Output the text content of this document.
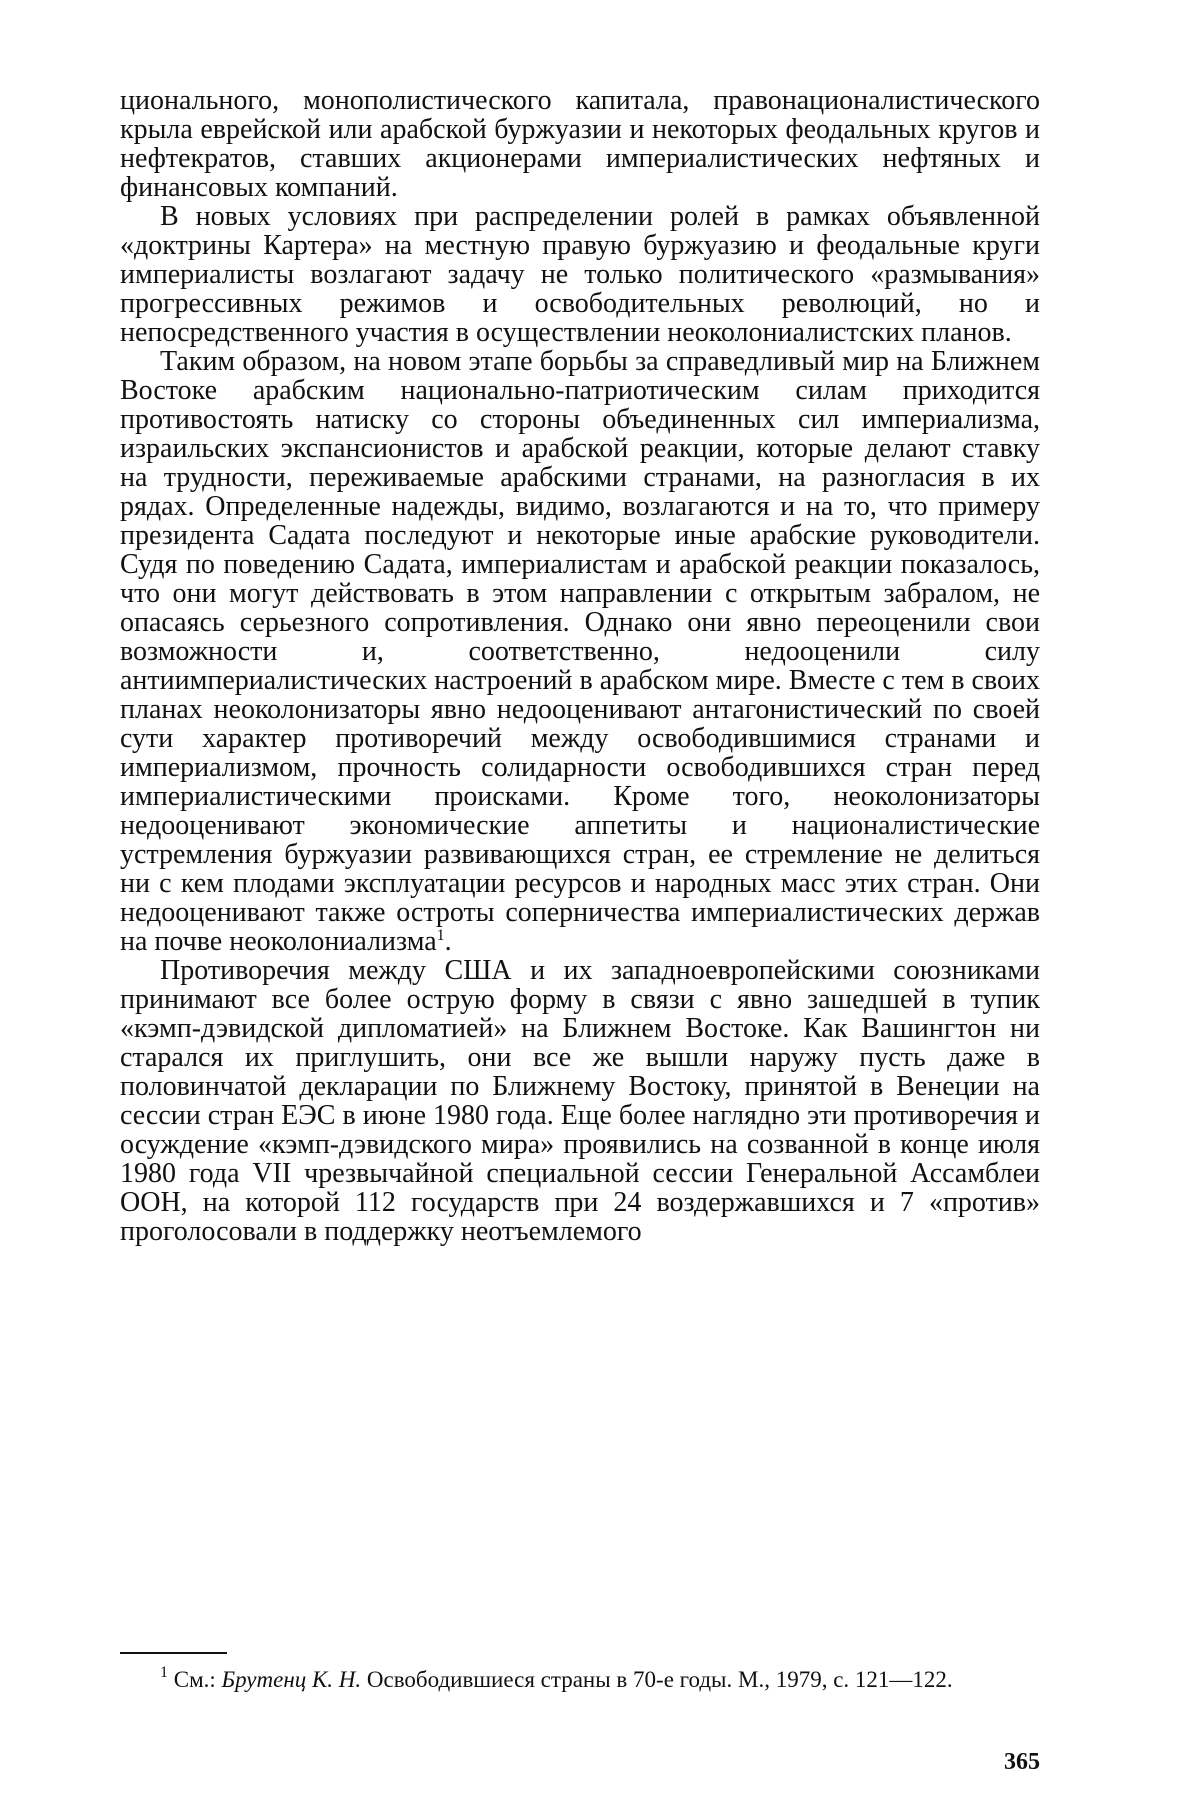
ционального, монополистического капитала, правонационалистического крыла еврейской или арабской буржуазии и некоторых феодальных кругов и нефтекратов, ставших акционерами империалистических нефтяных и финансовых компаний.

В новых условиях при распределении ролей в рамках объявленной «доктрины Картера» на местную правую буржуазию и феодальные круги империалисты возлагают задачу не только политического «размывания» прогрессивных режимов и освободительных революций, но и непосредственного участия в осуществлении неоколониалистских планов.

Таким образом, на новом этапе борьбы за справедливый мир на Ближнем Востоке арабским национально-патриотическим силам приходится противостоять натиску со стороны объединенных сил империализма, израильских экспансионистов и арабской реакции, которые делают ставку на трудности, переживаемые арабскими странами, на разногласия в их рядах. Определенные надежды, видимо, возлагаются и на то, что примеру президента Садата последуют и некоторые иные арабские руководители. Судя по поведению Садата, империалистам и арабской реакции показалось, что они могут действовать в этом направлении с открытым забралом, не опасаясь серьезного сопротивления. Однако они явно переоценили свои возможности и, соответственно, недооценили силу антиимпериалистических настроений в арабском мире. Вместе с тем в своих планах неоколонизаторы явно недооценивают антагонистический по своей сути характер противоречий между освободившимися странами и империализмом, прочность солидарности освободившихся стран перед империалистическими происками. Кроме того, неоколонизаторы недооценивают экономические аппетиты и националистические устремления буржуазии развивающихся стран, ее стремление не делиться ни с кем плодами эксплуатации ресурсов и народных масс этих стран. Они недооценивают также остроты соперничества империалистических держав на почве неоколониализма$^1$.

Противоречия между США и их западноевропейскими союзниками принимают все более острую форму в связи с явно зашедшей в тупик «кэмп-дэвидской дипломатией» на Ближнем Востоке. Как Вашингтон ни старался их приглушить, они все же вышли наружу пусть даже в половинчатой декларации по Ближнему Востоку, принятой в Венеции на сессии стран ЕЭС в июне 1980 года. Еще более наглядно эти противоречия и осуждение «кэмп-дэвидского мира» проявились на созванной в конце июля 1980 года VII чрезвычайной специальной сессии Генеральной Ассамблеи ООН, на которой 112 государств при 24 воздержавшихся и 7 «против» проголосовали в поддержку неотъемлемого

$^1$ См.: Брутенц К. Н. Освободившиеся страны в 70-е годы. М., 1979, с. 121—122.

365
